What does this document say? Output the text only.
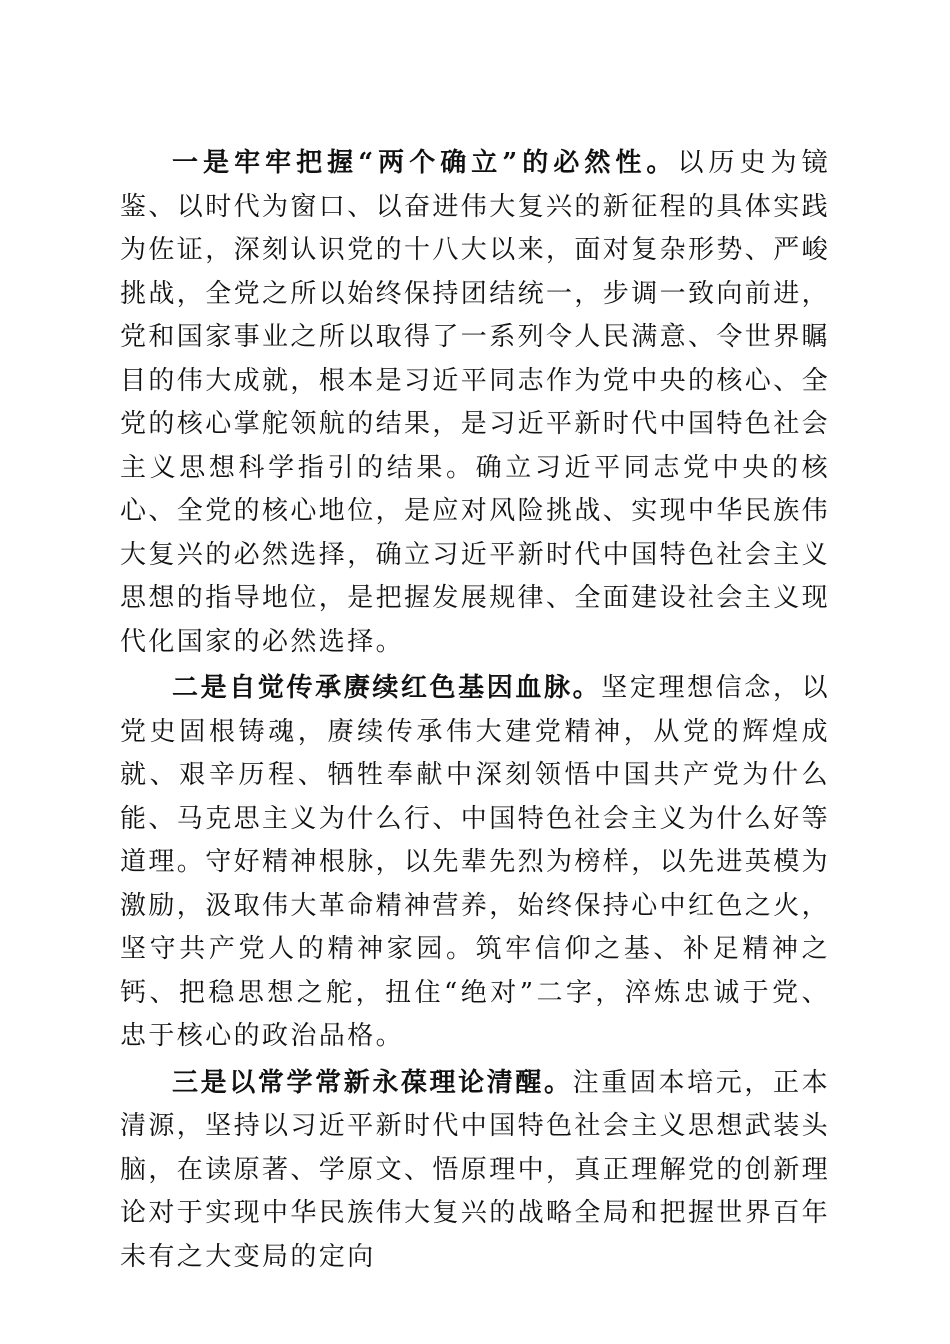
一是牢牢把握“两个确立”的必然性。以历史为镜鉴、以时代为窗口、以奋进伟大复兴的新征程的具体实践为佐证，深刻认识党的十八大以来，面对复杂形势、严峻挑战，全党之所以始终保持团结统一，步调一致向前进，党和国家事业之所以取得了一系列令人民满意、令世界瞩目的伟大成就，根本是习近平同志作为党中央的核心、全党的核心掌舵领航的结果，是习近平新时代中国特色社会主义思想科学指引的结果。确立习近平同志党中央的核心、全党的核心地位，是应对风险挑战、实现中华民族伟大复兴的必然选择，确立习近平新时代中国特色社会主义思想的指导地位，是把握发展规律、全面建设社会主义现代化国家的必然选择。

二是自觉传承赓续红色基因血脉。坚定理想信念，以党史固根铸魂，赓续传承伟大建党精神，从党的辉煌成就、艰辛历程、牺牲奉献中深刻领悟中国共产党为什么能、马克思主义为什么行、中国特色社会主义为什么好等道理。守好精神根脉，以先辈先烈为榜样，以先进英模为激励，汲取伟大革命精神营养，始终保持心中红色之火，坚守共产党人的精神家园。筑牢信仰之基、补足精神之钙、把稳思想之舵，扭住“绝对”二字，淬炼忠诚于党、忠于核心的政治品格。

三是以常学常新永葆理论清醒。注重固本培元，正本清源，坚持以习近平新时代中国特色社会主义思想武装头脑，在读原著、学原文、悟原理中，真正理解党的创新理论对于实现中华民族伟大复兴的战略全局和把握世界百年未有之大变局的定向
